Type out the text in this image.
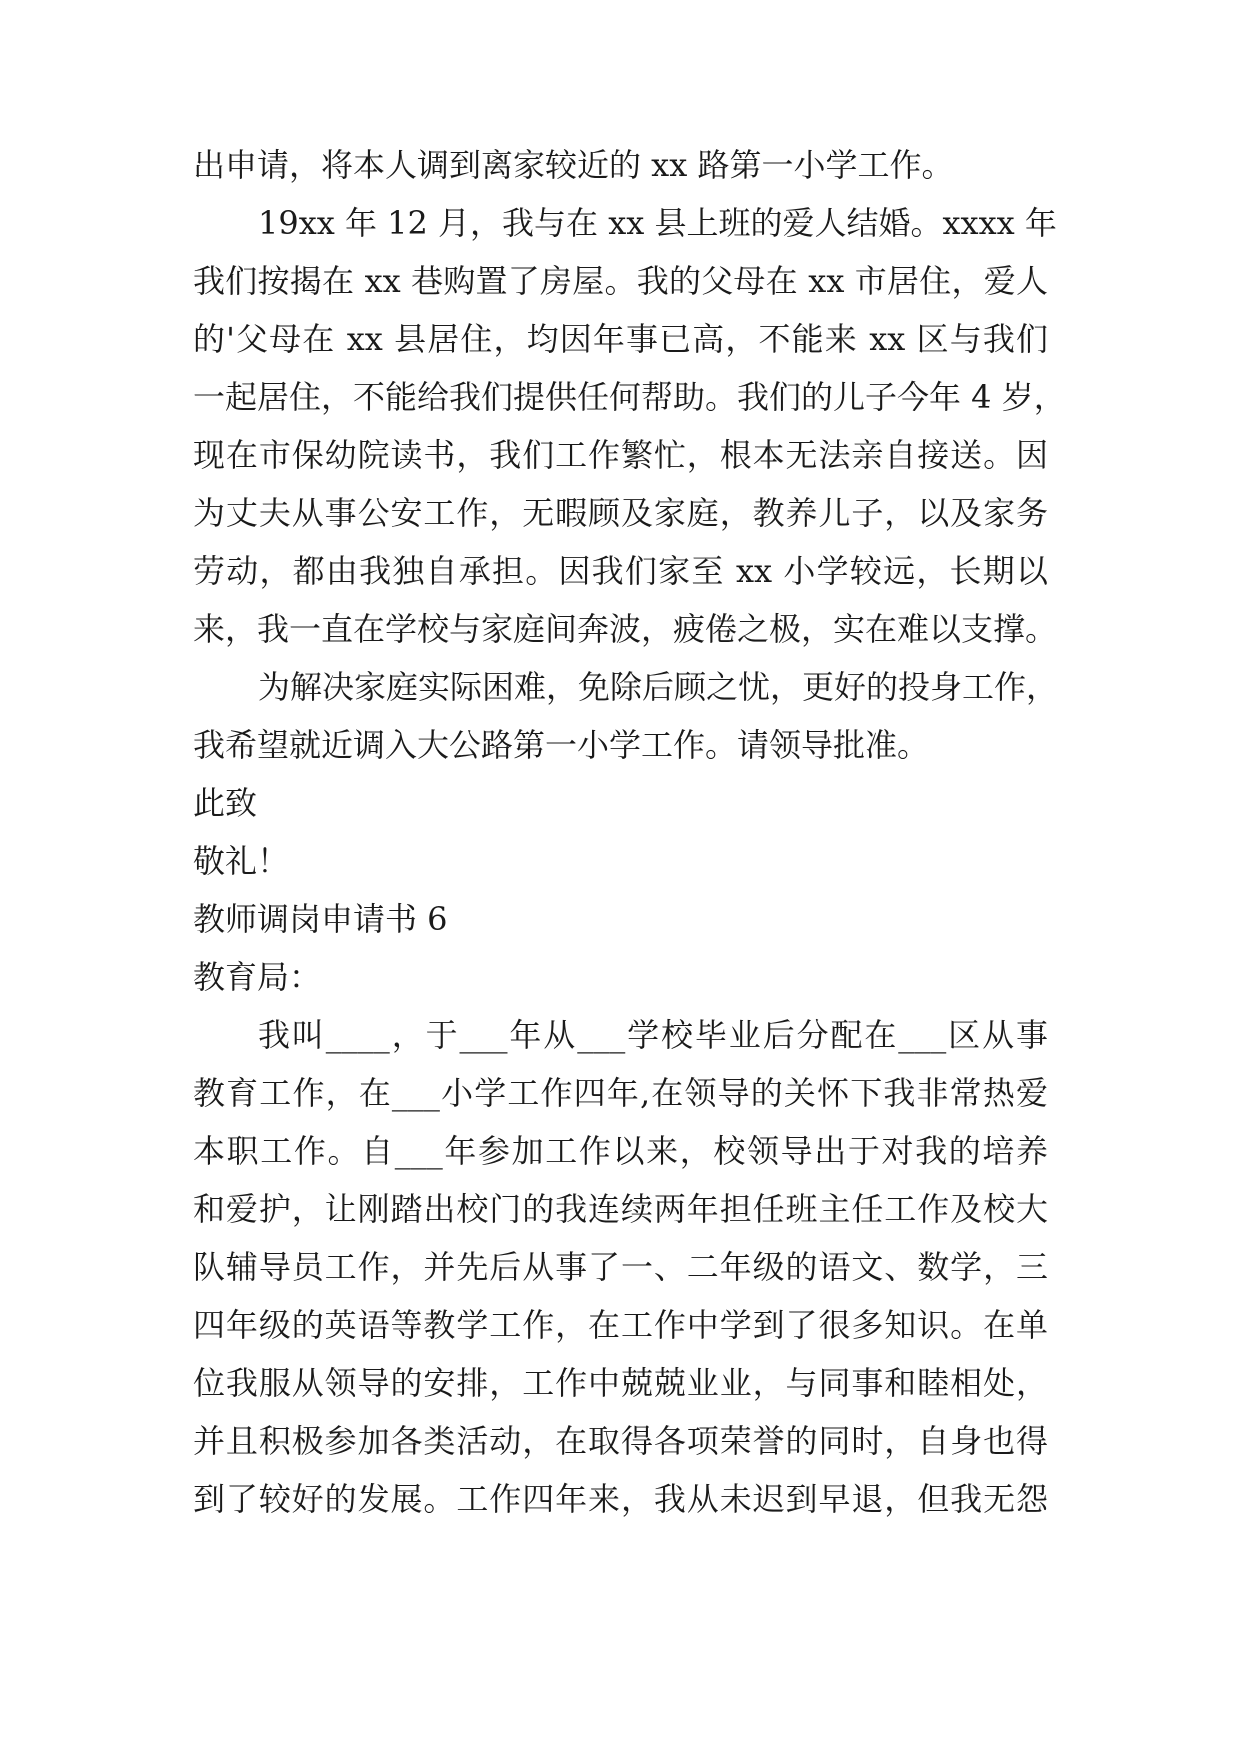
出申请，将本人调到离家较近的 xx 路第一小学工作。
19xx 年 12 月，我与在 xx 县上班的爱人结婚。xxxx 年
我们按揭在 xx 巷购置了房屋。我的父母在 xx 市居住，爱人
的'父母在 xx 县居住，均因年事已高，不能来 xx 区与我们
一起居住，不能给我们提供任何帮助。我们的儿子今年 4 岁，
现在市保幼院读书，我们工作繁忙，根本无法亲自接送。因
为丈夫从事公安工作，无暇顾及家庭，教养儿子，以及家务
劳动，都由我独自承担。因我们家至 xx 小学较远，长期以
来，我一直在学校与家庭间奔波，疲倦之极，实在难以支撑。
为解决家庭实际困难，免除后顾之忧，更好的投身工作，
我希望就近调入大公路第一小学工作。请领导批准。
此致
敬礼！
教师调岗申请书 6
教育局：
我叫____，于___年从___学校毕业后分配在___区从事
教育工作，在___小学工作四年,在领导的关怀下我非常热爱
本职工作。自___年参加工作以来，校领导出于对我的培养
和爱护，让刚踏出校门的我连续两年担任班主任工作及校大
队辅导员工作，并先后从事了一、二年级的语文、数学，三
四年级的英语等教学工作，在工作中学到了很多知识。在单
位我服从领导的安排，工作中兢兢业业，与同事和睦相处，
并且积极参加各类活动，在取得各项荣誉的同时，自身也得
到了较好的发展。工作四年来，我从未迟到早退，但我无怨
